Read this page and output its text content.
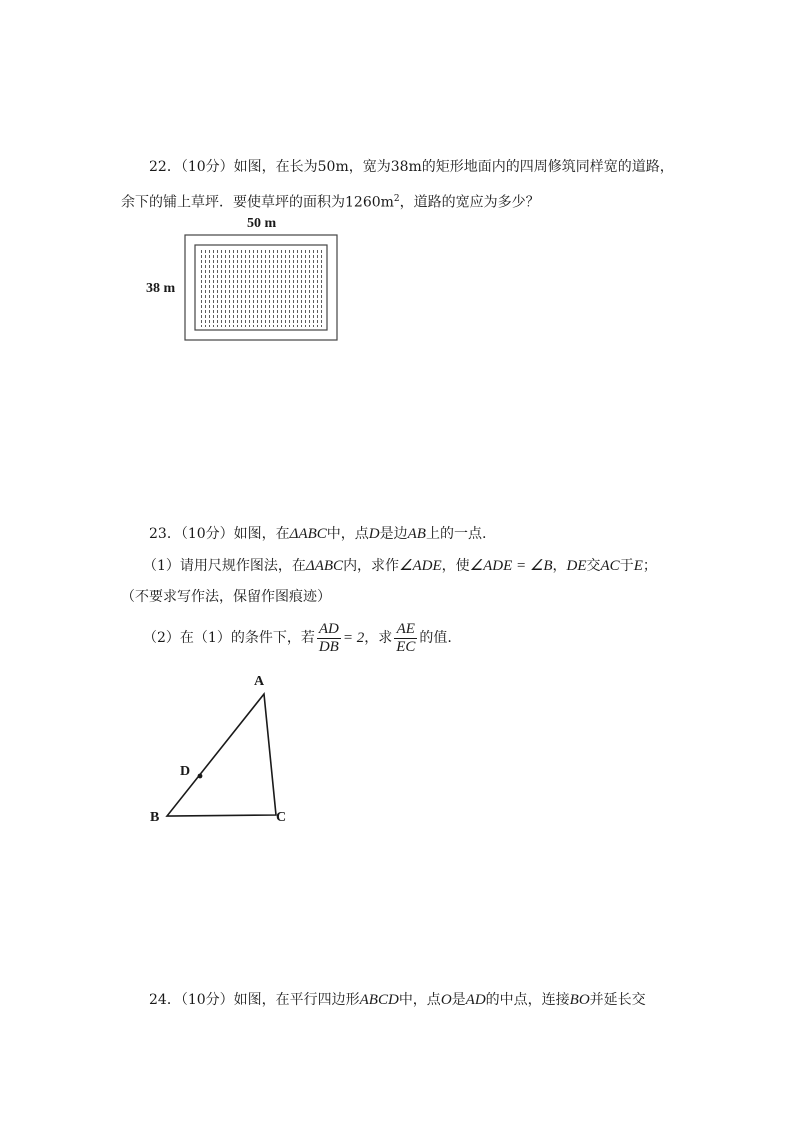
22．（10分）如图，在长为50m，宽为38m的矩形地面内的四周修筑同样宽的道路，
余下的铺上草坪．要使草坪的面积为$1260m^2$，道路的宽应为多少？
50 m
38 m
23．（10分）如图，在ΔABC中，点D是边AB上的一点.
（1）请用尺规作图法，在ΔABC内，求作∠ADE，使∠ADE = ∠B，DE交AC于E；
（不要求写作法，保留作图痕迹）
（2）在（1）的条件下，若 $\frac{AD}{DB} = 2$，求 $\frac{AE}{EC}$ 的值.
A
B	C
D
24．（10分）如图，在平行四边形ABCD中，点O是AD的中点，连接BO并延长交
